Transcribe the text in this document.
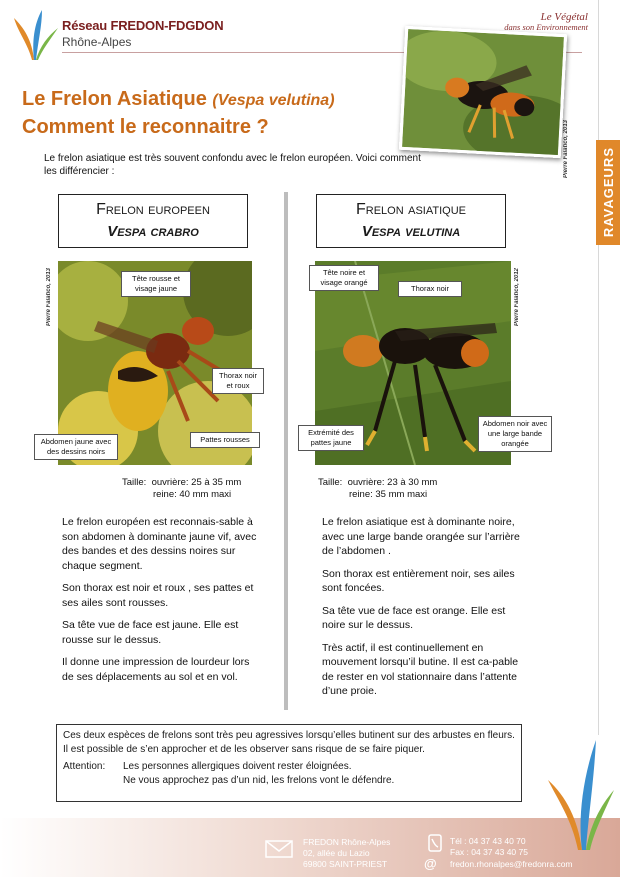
Réseau FREDON-FDGDON
Rhône-Alpes
Le Végétal
dans son Environnement
Pierre Falatico, 2013 RAVAGEURS
Le Frelon Asiatique (Vespa velutina)
Comment le reconnaitre ?
Le frelon asiatique est très souvent confondu avec le frelon européen. Voici comment les différencier :
Frelon europeen
Vespa crabro
Frelon asiatique
Vespa velutina
Pierre Falatico, 2013	Tête rousse et visage jaune
Thorax noir et roux
Pattes rousses
Abdomen jaune avec des dessins noirs
Taille: ouvrière: 25 à 35 mm
reine: 40 mm maxi
Pierre Falatico, 2012
Tête noire et visage orangé
Thorax noir
Extrémité des pattes jaune
Abdomen noir avec une large bande orangée
Taille: ouvrière: 23 à 30 mm
reine: 35 mm maxi

Le frelon européen est reconnais-sable à son abdomen à dominante jaune vif, avec des bandes et des dessins noires sur chaque segment.

Son thorax est noir et roux , ses pattes et ses ailes sont rousses.

Sa tête vue de face est jaune. Elle est rousse sur le dessus.

Il donne une impression de lourdeur lors de ses déplacements au sol et en vol.

Le frelon asiatique est à dominante noire, avec une large bande orangée sur l’arrière de l’abdomen .

Son thorax est entièrement noir, ses ailes sont foncées.

Sa tête vue de face est orange. Elle est noire sur le dessus.

Très actif, il est continuellement en mouvement lorsqu’il butine. Il est ca-pable de rester en vol stationnaire dans l’attente d’une proie.

Ces deux espèces de frelons sont très peu agressives lorsqu’elles butinent sur des arbustes en fleurs. Il est possible de s’en approcher et de les observer sans risque de se faire piquer.
Attention:	Les personnes allergiques doivent rester éloignées.
Ne vous approchez pas d’un nid, les frelons vont le défendre.
FREDON Rhône-Alpes
02, allée du Lazio
69800 SAINT-PRIEST
Tél : 04 37 43 40 70
Fax : 04 37 43 40 75
@ fredon.rhonalpes@fredonra.com
